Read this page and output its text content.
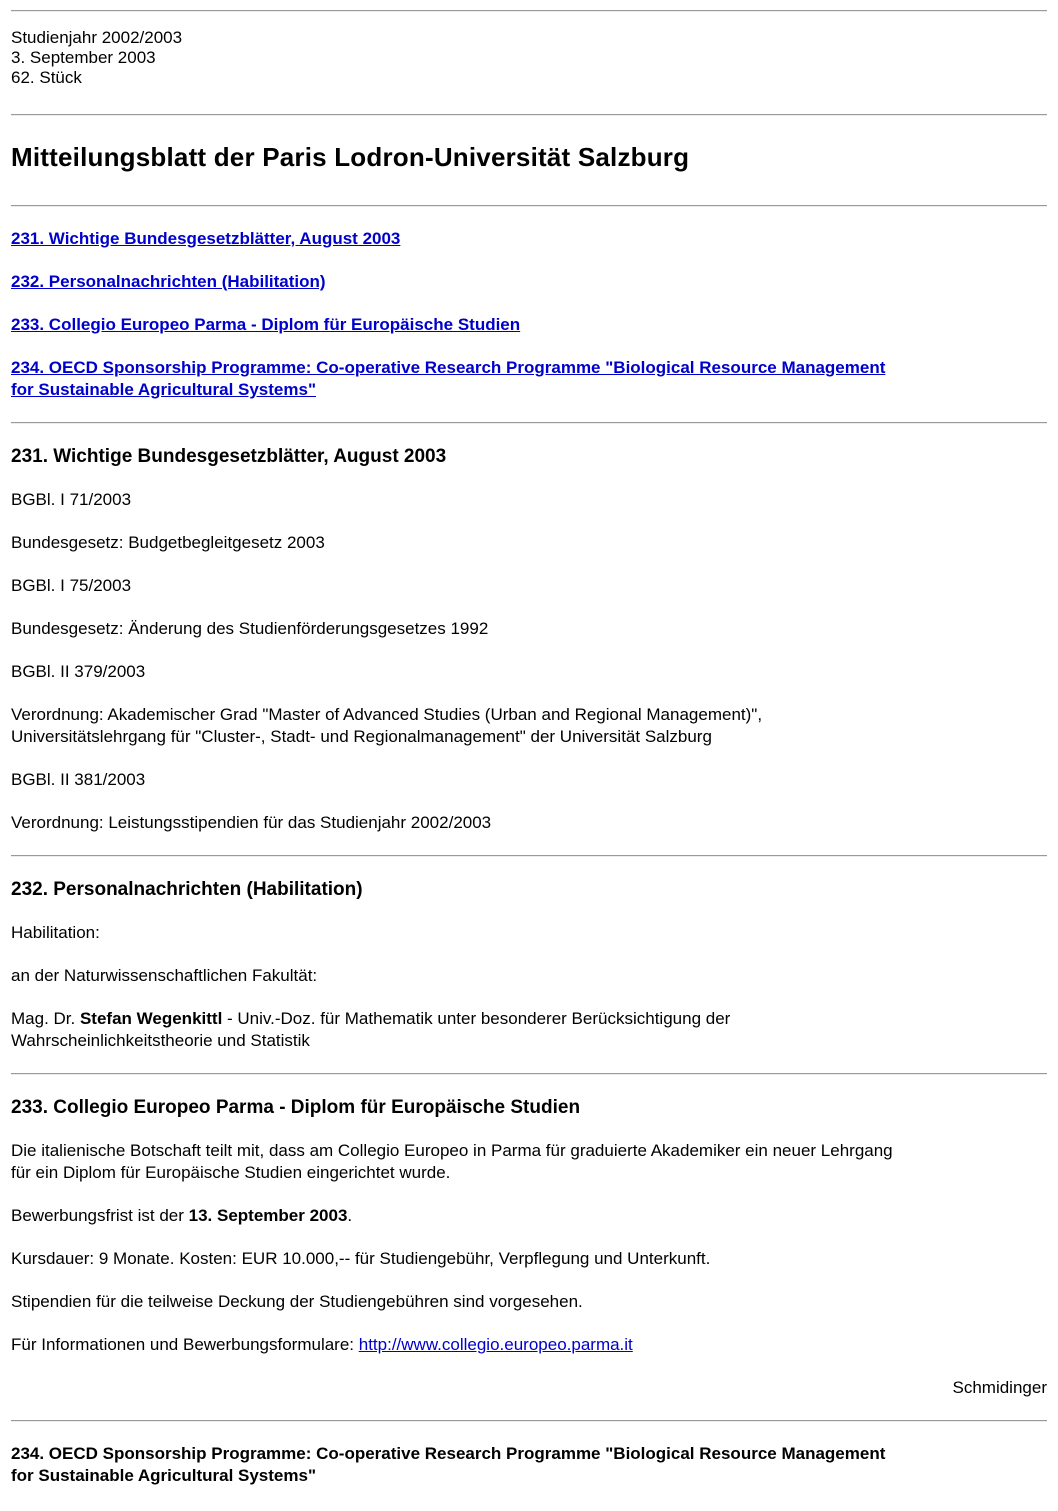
Studienjahr 2002/2003
3. September 2003
62. Stück
Mitteilungsblatt der Paris Lodron-Universität Salzburg
231. Wichtige Bundesgesetzblätter, August 2003
232. Personalnachrichten (Habilitation)
233. Collegio Europeo Parma - Diplom für Europäische Studien
234. OECD Sponsorship Programme: Co-operative Research Programme "Biological Resource Management
for Sustainable Agricultural Systems"
231. Wichtige Bundesgesetzblätter, August 2003

BGBl. I 71/2003

Bundesgesetz: Budgetbegleitgesetz 2003

BGBl. I 75/2003

Bundesgesetz: Änderung des Studienförderungsgesetzes 1992

BGBl. II 379/2003

Verordnung: Akademischer Grad "Master of Advanced Studies (Urban and Regional Management)",
Universitätslehrgang für "Cluster-, Stadt- und Regionalmanagement" der Universität Salzburg

BGBl. II 381/2003

Verordnung: Leistungsstipendien für das Studienjahr 2002/2003

232. Personalnachrichten (Habilitation)

Habilitation:

an der Naturwissenschaftlichen Fakultät:

Mag. Dr. Stefan Wegenkittl - Univ.-Doz. für Mathematik unter besonderer Berücksichtigung der
Wahrscheinlichkeitstheorie und Statistik

233. Collegio Europeo Parma - Diplom für Europäische Studien

Die italienische Botschaft teilt mit, dass am Collegio Europeo in Parma für graduierte Akademiker ein neuer Lehrgang
für ein Diplom für Europäische Studien eingerichtet wurde.

Bewerbungsfrist ist der 13. September 2003.

Kursdauer: 9 Monate. Kosten: EUR 10.000,-- für Studiengebühr, Verpflegung und Unterkunft.

Stipendien für die teilweise Deckung der Studiengebühren sind vorgesehen.

Für Informationen und Bewerbungsformulare: http://www.collegio.europeo.parma.it

Schmidinger

234. OECD Sponsorship Programme: Co-operative Research Programme "Biological Resource Management
for Sustainable Agricultural Systems"
